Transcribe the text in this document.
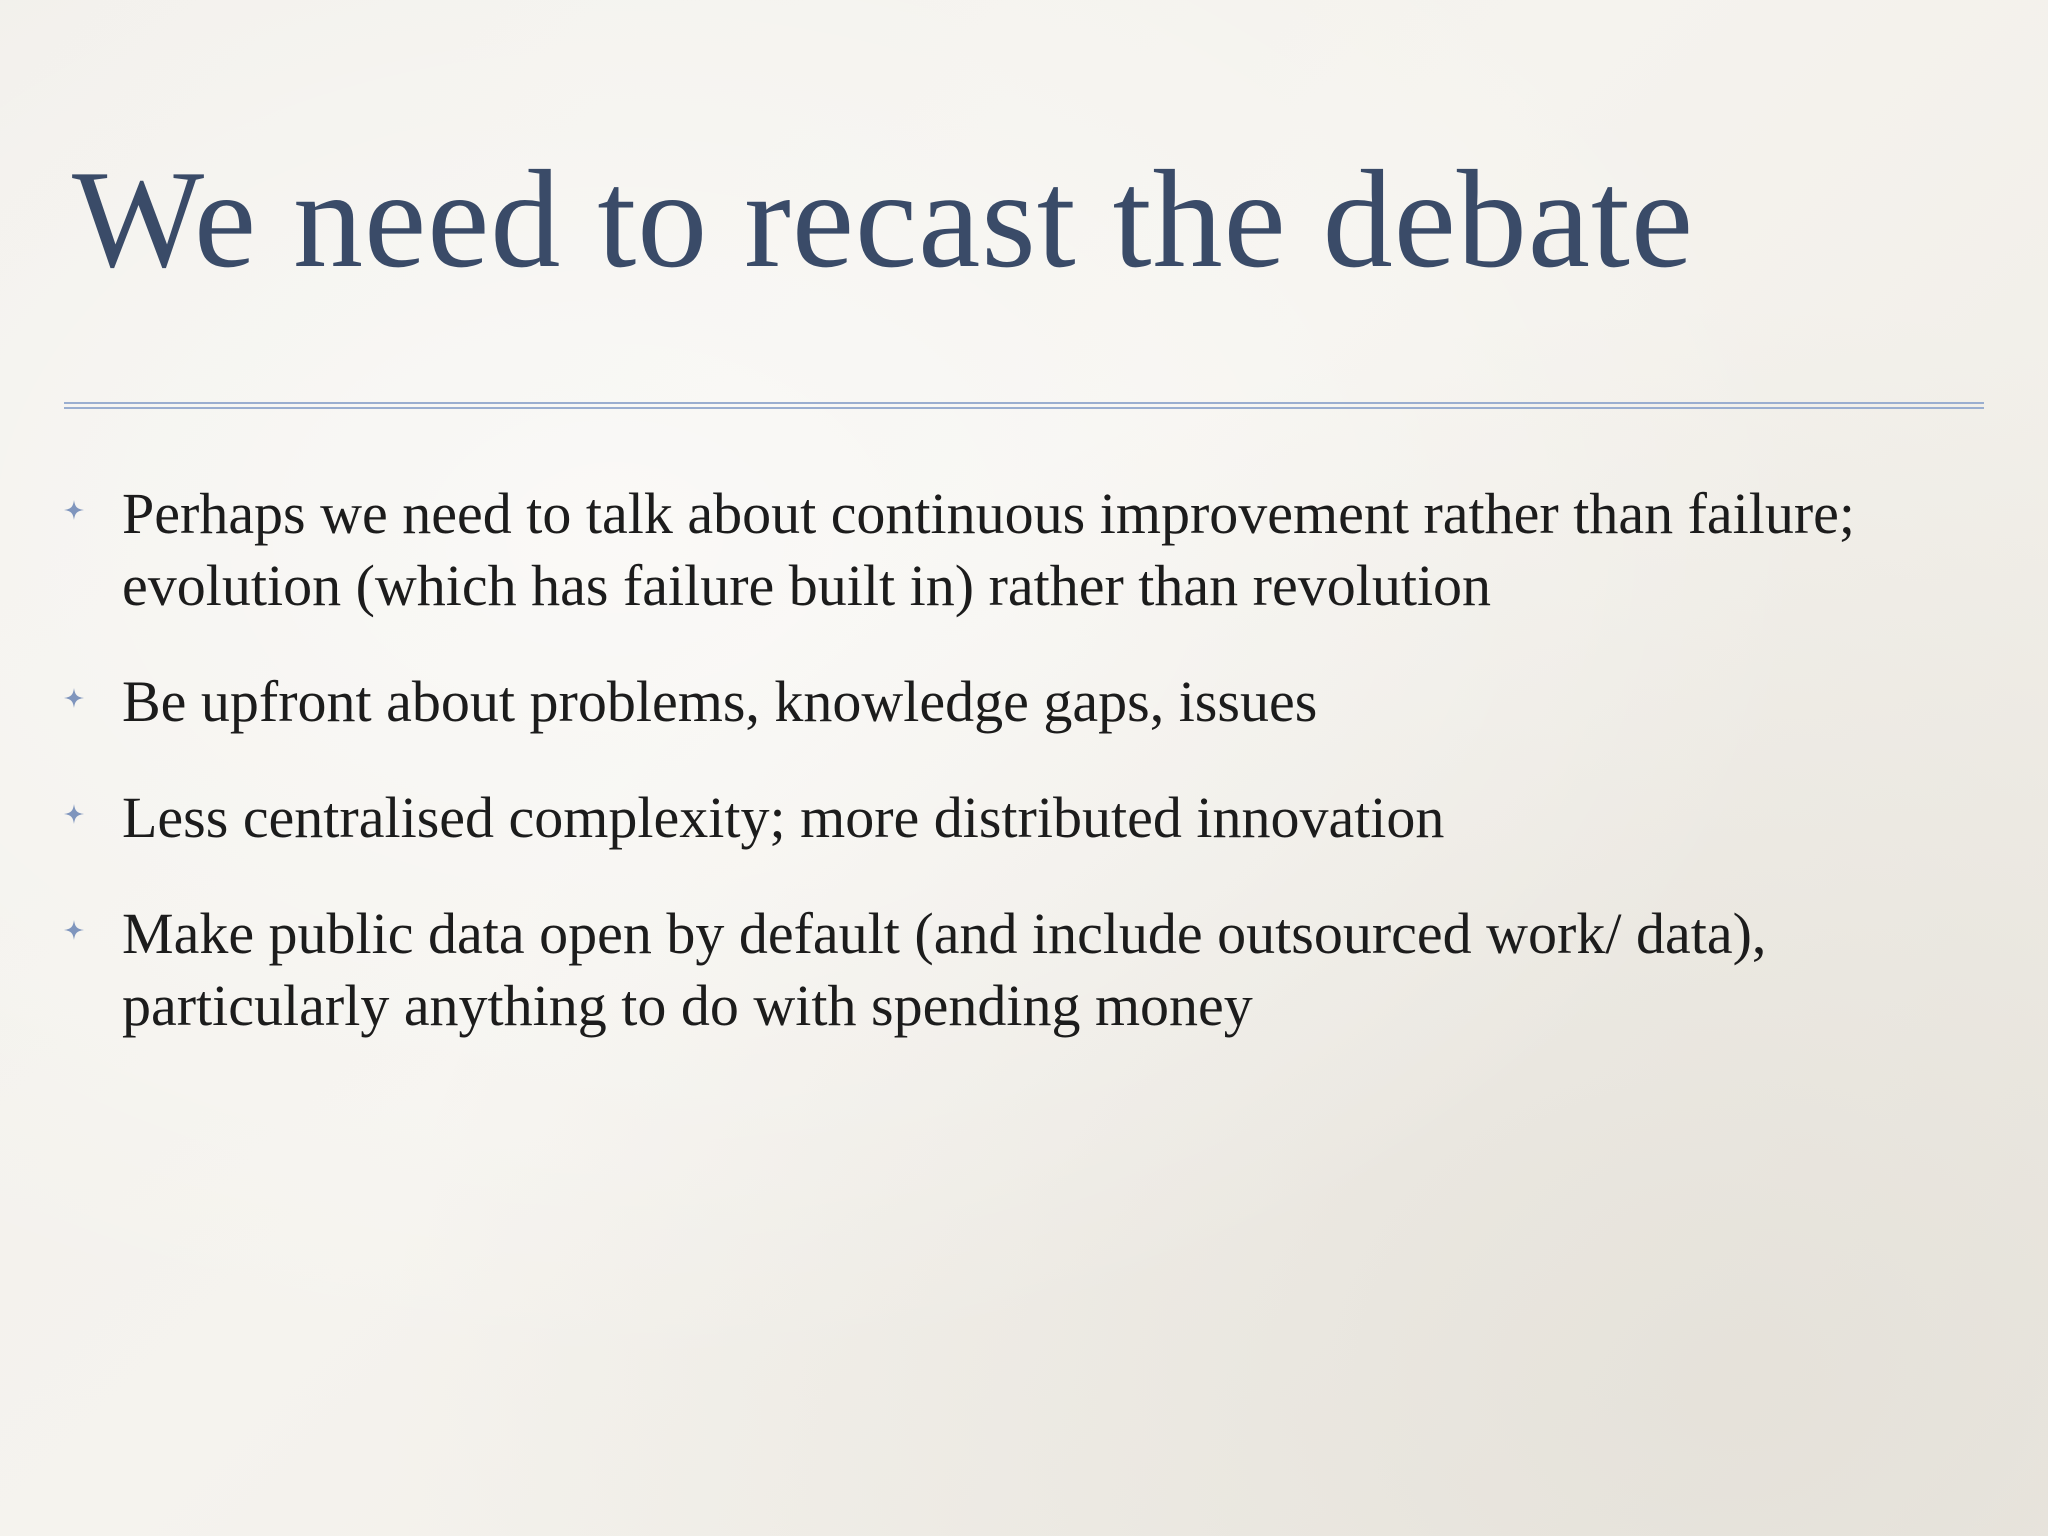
We need to recast the debate
Perhaps we need to talk about continuous improvement rather than failure; evolution (which has failure built in) rather than revolution
Be upfront about problems, knowledge gaps, issues
Less centralised complexity; more distributed innovation
Make public data open by default (and include outsourced work/ data), particularly anything to do with spending money
